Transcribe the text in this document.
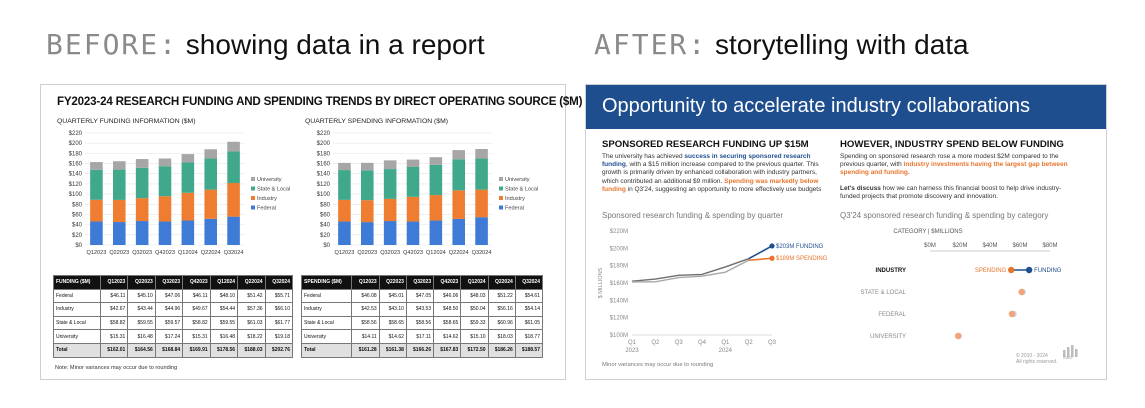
BEFORE: showing data in a report	AFTER: storytelling with data
FY2023-24 RESEARCH FUNDING AND SPENDING TRENDS BY DIRECT OPERATING SOURCE ($M)
QUARTERLY FUNDING INFORMATION ($M)	QUARTERLY SPENDING INFORMATION ($M)
$0
$20
$40
$60
$80
$100
$120
$140
$160
$180
$200
$220
Q12023 Q22023 Q32023 Q42023 Q12024 Q22024 Q32024
University
State & Local
Industry
Federal
$0
$20
$40
$60
$80
$100
$120
$140
$160
$180
$200
$220
Q12023 Q22023 Q32023 Q42023 Q12024 Q22024 Q32024
University
State & Local
Industry
Federal
FUNDING ($M)	Q12023	Q22023	Q32023	Q42023	Q12024	Q22024	Q32024
Federal	$46.11	$45.10	$47.06	$46.11	$48.10	$51.42	$55.71
Industry	$42.67	$43.44	$44.96	$49.67	$54.44	$57.36	$66.10
State & Local	$58.82	$59.55	$59.57	$58.82	$59.55	$61.03	$61.77
University	$15.31	$16.48	$17.24	$15.31	$16.48	$18.22	$19.18
Total	$162.01	$164.56	$168.84	$169.91	$178.56	$188.03	$202.76
SPENDING ($M)	Q12023	Q22023	Q32023	Q42023	Q12024	Q22024	Q32024
Federal	$46.08	$45.01	$47.05	$46.06	$48.03	$51.22	$54.61
Industry	$42.53	$43.10	$43.53	$48.50	$50.04	$56.16	$54.14
State & Local	$58.56	$58.65	$58.56	$58.65	$59.33	$60.96	$61.05
University	$14.11	$14.62	$17.11	$14.62	$15.10	$18.03	$18.77
Total	$161.28	$161.38	$166.26	$167.83	$172.50	$186.26	$188.57
Note: Minor variances may occur due to rounding
Opportunity to accelerate industry collaborations
SPONSORED RESEARCH FUNDING UP $15M
The university has achieved success in securing sponsored research funding, with a $15 million increase compared to the previous quarter. This growth is primarily driven by enhanced collaboration with industry partners, which contributed an additional $9 million. Spending was markedly below funding in Q3'24, suggesting an opportunity to more effectively use budgets
HOWEVER, INDUSTRY SPEND BELOW FUNDING
Spending on sponsored research rose a more modest $2M compared to the previous quarter, with industry investments having the largest gap between spending and funding.
Let's discuss how we can harness this financial boost to help drive industry-funded projects that promote discovery and innovation.
Sponsored research funding & spending by quarter	Q3'24 sponsored research funding & spending by category
$100M
$120M
$140M
$160M
$180M
$200M
$220M
$ MILLIONS
Q1	Q2	Q3	Q4	Q1	Q2	Q3
2023	2024
$203M FUNDING
$189M SPENDING
CATEGORY | $MILLIONS
$0M	$20M $40M $60M $80M
INDUSTRY	SPENDING	FUNDING
STATE & LOCAL
FEDERAL
UNIVERSITY
Minor variances may occur due to rounding
© 2010 - 2024
All rights reserved.
SWD
